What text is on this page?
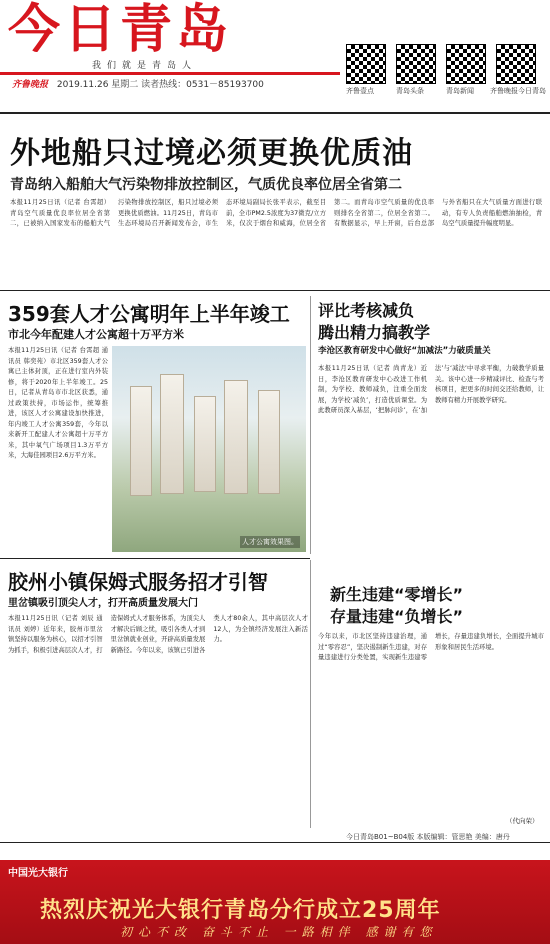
今日青岛
我们就是青岛人
齐鲁晚报 2019.11.26 星期二 读者热线：0531－85193700
齐鲁壹点	青岛头条	青岛新闻 齐鲁晚报今日青岛
外地船只过境必须更换优质油
青岛纳入船舶大气污染物排放控制区，气质优良率位居全省第二
本报11月25日讯（记者 台霄超） 青岛空气质量优良率位居全省第二，已被纳入国家发布的船舶大气污染物排放控制区，船只过境必须更换优质燃油。11月25日，青岛市生态环境局召开新闻发布会，市生态环境局副局长张平表示，截至目前，全市PM2.5浓度为37微克/立方米，仅次于烟台和威海，位居全省第二。而青岛市空气质量的优良率则排名全省第二，位居全省第二。有数据显示，早上开窗，后台总部与外省船只在大气质量方面进行联动，有专人负责船舶燃油抽检，青岛空气质量提升幅度明显。
359套人才公寓明年上半年竣工
市北今年配建人才公寓超十万平方米
本报11月25日讯（记者 台霄超 通讯员 韩奕苑）市北区359套人才公寓已主体封顶，正在进行室内外装修，将于2020年上半年竣工。25日，记者从青岛市市北区获悉，通过政策扶持，市场运作，统筹推进，该区人才公寓建设加快推进，年内竣工人才公寓359套，今年以来新开工配建人才公寓超十万平方米，其中氧气广场项目1.3万平方米，大海佳园项目2.6万平方米。
人才公寓效果图。
评比考核减负
腾出精力搞教学
李沧区教育研发中心做好“加减法”力破质量关
本报11月25日讯（记者 尚青龙）近日，李沧区教育研发中心改进工作机制，为学校、教师减负，注重全面发展，为学校‘减负’，打造优质课堂。为此教研员深入基层，‘把脉问诊’，在‘加法’与‘减法’中寻求平衡，力破教学质量关。该中心进一步精减评比、检查与考核项目，把更多的时间交还给教师，让教师有精力开展教学研究。
胶州小镇保姆式服务招才引智
里岔镇吸引顶尖人才，打开高质量发展大门
本报11月25日讯（记者 刘辰 通讯员 刘婷）近年来，胶州市里岔镇坚持以服务为核心，以招才引智为抓手，积极引进高层次人才，打造保姆式人才服务体系，为顶尖人才解决后顾之忧，吸引各类人才到里岔镇就业创业，开辟高质量发展新路径。今年以来，该镇已引进各类人才80余人，其中高层次人才12人，为全镇经济发展注入新活力。
新生违建“零增长”
存量违建“负增长”
今年以来，市北区坚持违建治理，通过“零容忍”，坚决遏制新生违建，对存量违建进行分类处置，实现新生违建零增长，存量违建负增长，全面提升城市形象和居民生活环境。
（代向荣）
今日青岛B01~B04版 本版编辑：管思艳 美编：唐丹
中国光大银行
热烈庆祝光大银行青岛分行成立25周年
初心不改 奋斗不止 一路相伴 感谢有您
